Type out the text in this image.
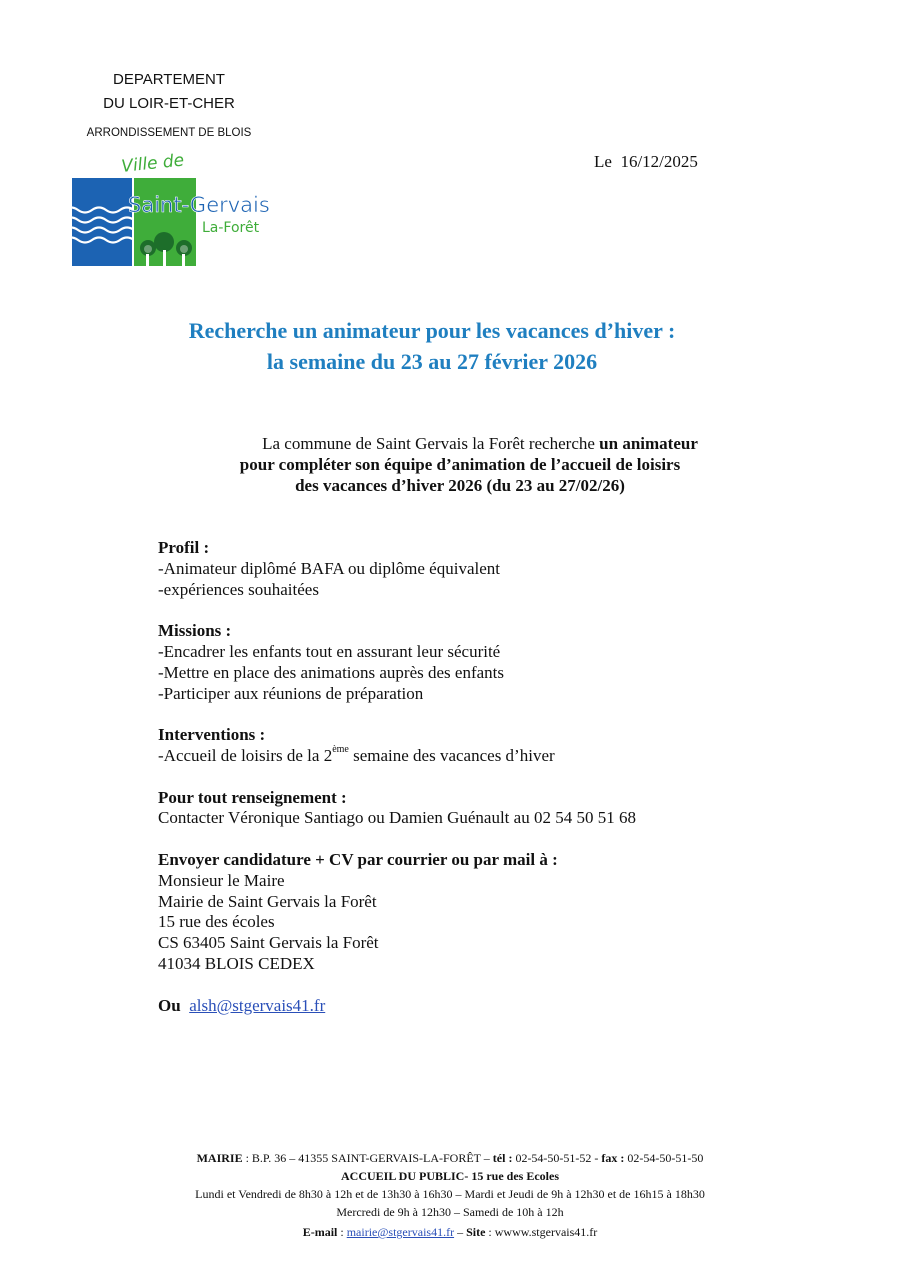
DEPARTEMENT
DU LOIR-ET-CHER
ARRONDISSEMENT DE BLOIS
Le 16/12/2025
Ville de
Saint-Gervais
La-Forêt
Recherche un animateur pour les vacances d’hiver :
la semaine du 23 au 27 février 2026
La commune de Saint Gervais la Forêt recherche un animateur
pour compléter son équipe d’animation de l’accueil de loisirs
des vacances d’hiver 2026 (du 23 au 27/02/26)

Profil :

-Animateur diplômé BAFA ou diplôme équivalent

-expériences souhaitées

Missions :

-Encadrer les enfants tout en assurant leur sécurité

-Mettre en place des animations auprès des enfants

-Participer aux réunions de préparation

Interventions :

-Accueil de loisirs de la 2ème semaine des vacances d’hiver

Pour tout renseignement :

Contacter Véronique Santiago ou Damien Guénault au 02 54 50 51 68

Envoyer candidature + CV par courrier ou par mail à :

Monsieur le Maire

Mairie de Saint Gervais la Forêt

15 rue des écoles

CS 63405 Saint Gervais la Forêt

41034 BLOIS CEDEX

Ou alsh@stgervais41.fr

MAIRIE : B.P. 36 – 41355 SAINT-GERVAIS-LA-FORÊT – tél : 02-54-50-51-52 - fax : 02-54-50-51-50

ACCUEIL DU PUBLIC- 15 rue des Ecoles

Lundi et Vendredi de 8h30 à 12h et de 13h30 à 16h30 – Mardi et Jeudi de 9h à 12h30 et de 16h15 à 18h30

Mercredi de 9h à 12h30 – Samedi de 10h à 12h

E-mail : mairie@stgervais41.fr – Site : wwww.stgervais41.fr
